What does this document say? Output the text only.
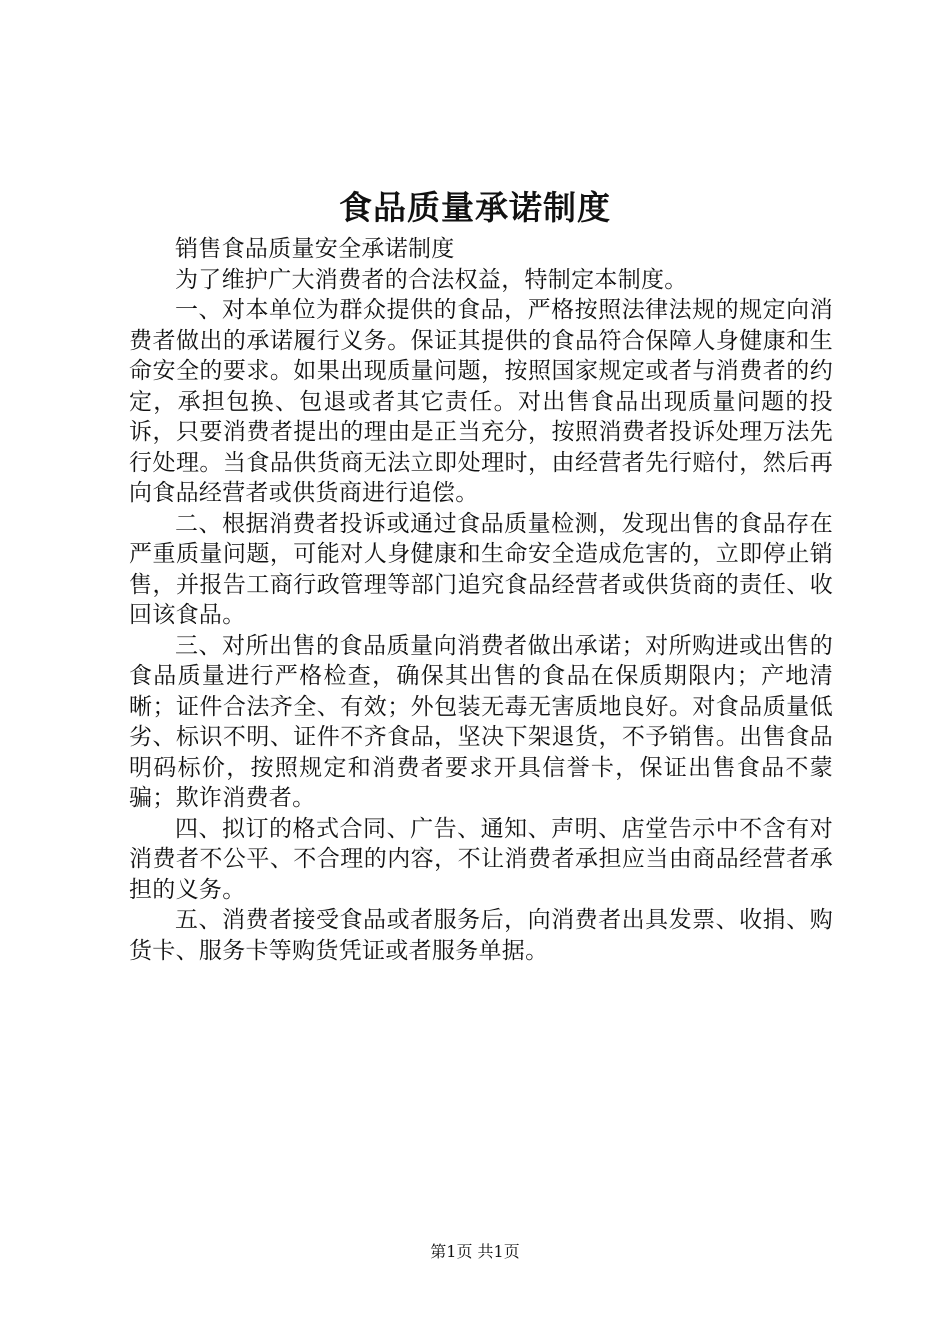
食品质量承诺制度

销售食品质量安全承诺制度

为了维护广大消费者的合法权益，特制定本制度。

一、对本单位为群众提供的食品，严格按照法律法规的规定向消费者做出的承诺履行义务。保证其提供的食品符合保障人身健康和生命安全的要求。如果出现质量问题，按照国家规定或者与消费者的约定，承担包换、包退或者其它责任。对出售食品出现质量问题的投诉，只要消费者提出的理由是正当充分，按照消费者投诉处理万法先行处理。当食品供货商无法立即处理时，由经营者先行赔付，然后再向食品经营者或供货商进行追偿。

二、根据消费者投诉或通过食品质量检测，发现出售的食品存在严重质量问题，可能对人身健康和生命安全造成危害的，立即停止销售，并报告工商行政管理等部门追究食品经营者或供货商的责任、收回该食品。

三、对所出售的食品质量向消费者做出承诺；对所购进或出售的食品质量进行严格检查，确保其出售的食品在保质期限内；产地清晰；证件合法齐全、有效；外包装无毒无害质地良好。对食品质量低劣、标识不明、证件不齐食品，坚决下架退货，不予销售。出售食品明码标价，按照规定和消费者要求开具信誉卡，保证出售食品不蒙骗；欺诈消费者。

四、拟订的格式合同、广告、通知、声明、店堂告示中不含有对消费者不公平、不合理的内容，不让消费者承担应当由商品经营者承担的义务。

五、消费者接受食品或者服务后，向消费者出具发票、收捐、购货卡、服务卡等购货凭证或者服务单据。

第1页 共1页
